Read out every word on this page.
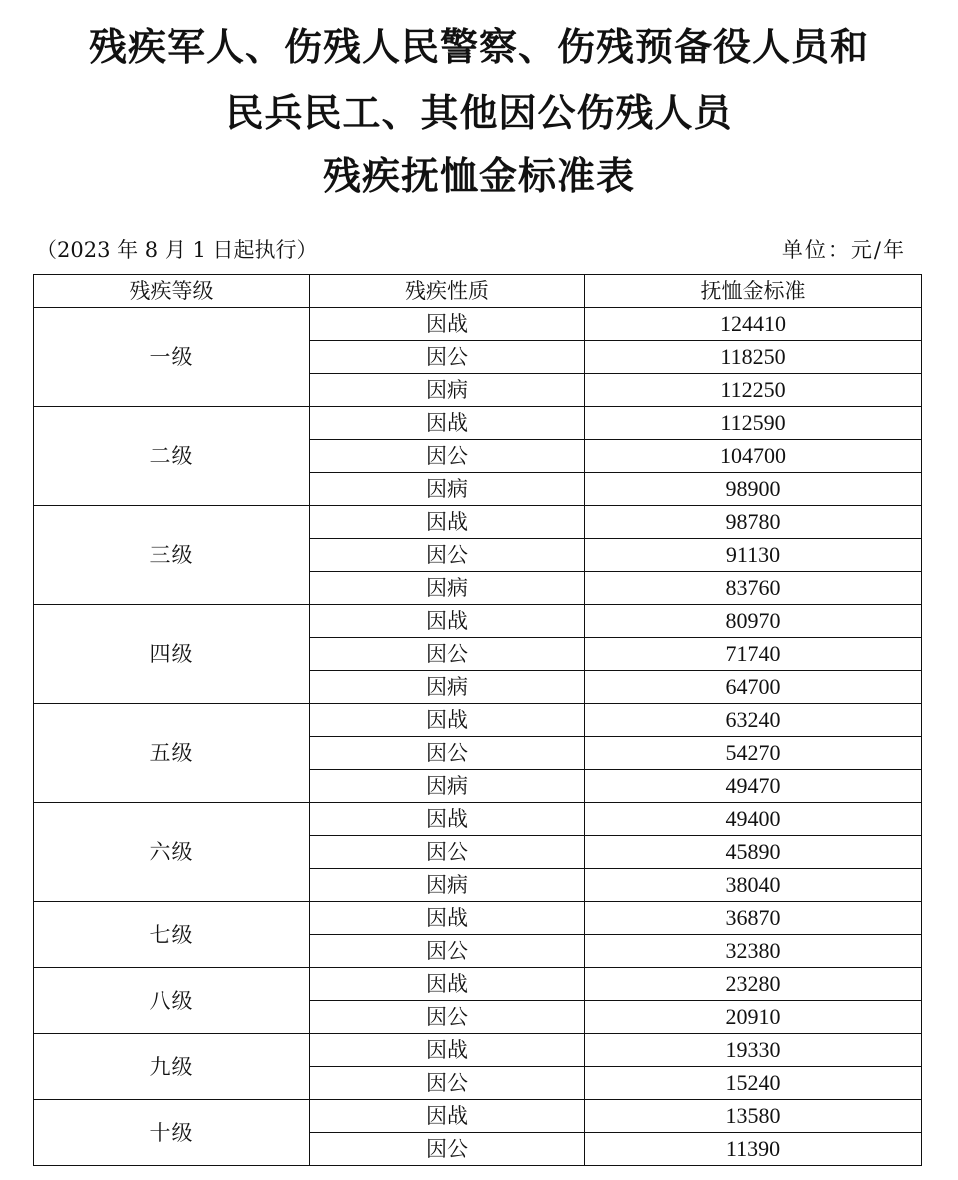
残疾军人、伤残人民警察、伤残预备役人员和
民兵民工、其他因公伤残人员
残疾抚恤金标准表
（2023 年 8 月 1 日起执行）	单位：元/年
残疾等级	残疾性质	抚恤金标准
一级	因战	124410
	因公	118250
	因病	112250
二级	因战	112590
	因公	104700
	因病	98900
三级	因战	98780
	因公	91130
	因病	83760
四级	因战	80970
	因公	71740
	因病	64700
五级	因战	63240
	因公	54270
	因病	49470
六级	因战	49400
	因公	45890
	因病	38040
七级	因战	36870
	因公	32380
八级	因战	23280
	因公	20910
九级	因战	19330
	因公	15240
十级	因战	13580
	因公	11390
